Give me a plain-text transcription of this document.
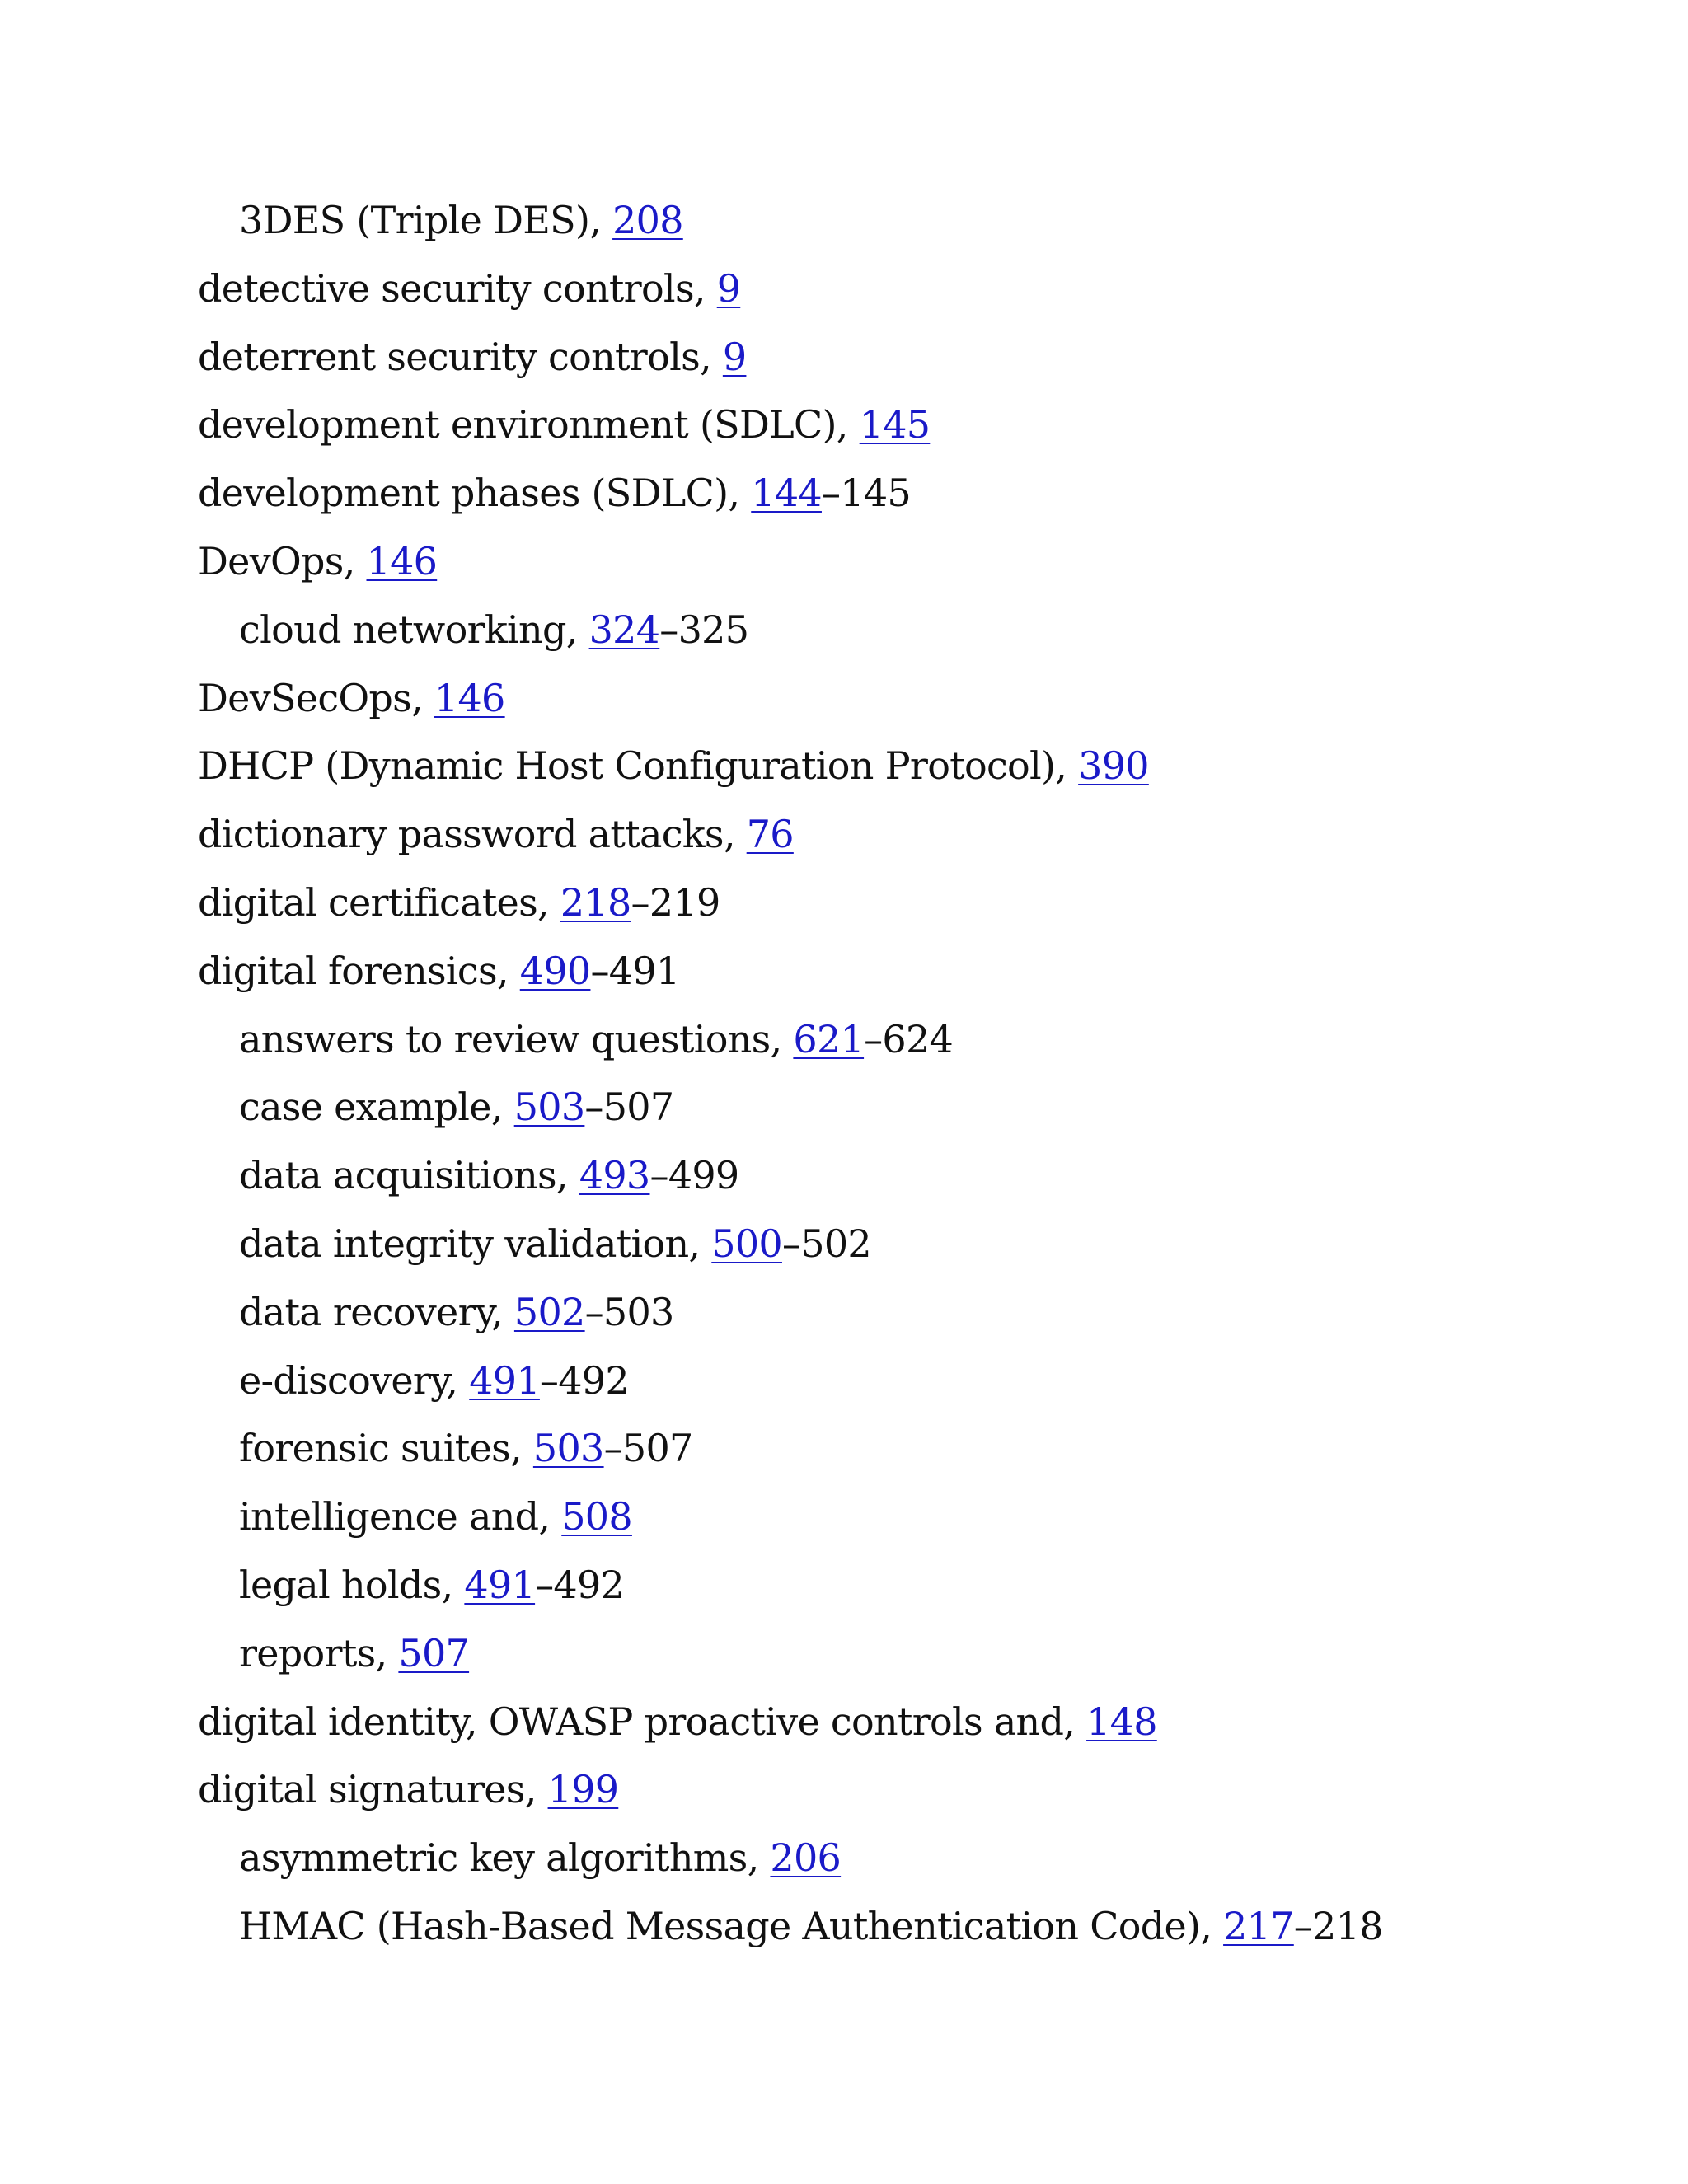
3DES (Triple DES), 208
detective security controls, 9
deterrent security controls, 9
development environment (SDLC), 145
development phases (SDLC), 144–145
DevOps, 146
cloud networking, 324–325
DevSecOps, 146
DHCP (Dynamic Host Configuration Protocol), 390
dictionary password attacks, 76
digital certificates, 218–219
digital forensics, 490–491
answers to review questions, 621–624
case example, 503–507
data acquisitions, 493–499
data integrity validation, 500–502
data recovery, 502–503
e-discovery, 491–492
forensic suites, 503–507
intelligence and, 508
legal holds, 491–492
reports, 507
digital identity, OWASP proactive controls and, 148
digital signatures, 199
asymmetric key algorithms, 206
HMAC (Hash-Based Message Authentication Code), 217–218
